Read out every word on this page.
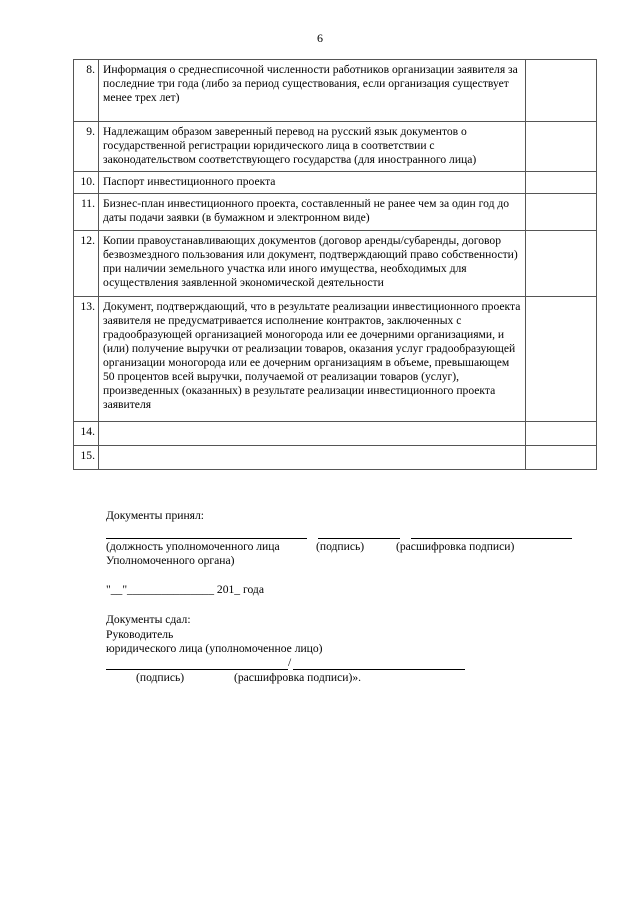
6
8.	Информация о среднесписочной численности работников организации заявителя за последние три года (либо за период существования, если организация существует менее трех лет)	
9.	Надлежащим образом заверенный перевод на русский язык документов о государственной регистрации юридического лица в соответствии с законодательством соответствующего государства (для иностранного лица)	
10.	Паспорт инвестиционного проекта	
11.	Бизнес-план инвестиционного проекта, составленный не ранее чем за один год до даты подачи заявки (в бумажном и электронном виде)	
12.	Копии правоустанавливающих документов (договор аренды/субаренды, договор безвозмездного пользования или документ, подтверждающий право собственности) при наличии земельного участка или иного имущества, необходимых для осуществления заявленной экономической деятельности	
13.	Документ, подтверждающий, что в результате реализации инвестиционного проекта заявителя не предусматривается исполнение контрактов, заключенных с градообразующей организацией моногорода или ее дочерними организациями, и (или) получение выручки от реализации товаров, оказания услуг градообразующей организации моногорода или ее дочерним организациям в объеме, превышающем 50 процентов всей выручки, получаемой от реализации товаров (услуг), произведенных (оказанных) в результате реализации инвестиционного проекта заявителя	
14.		
15.		
Документы принял:
(должность уполномоченного лица	(подпись)	(расшифровка подписи)
Уполномоченного органа)
"__"_______________ 201_ года
Документы сдал:
Руководитель
юридического лица (уполномоченное лицо)
/
(подпись)	(расшифровка подписи)».
